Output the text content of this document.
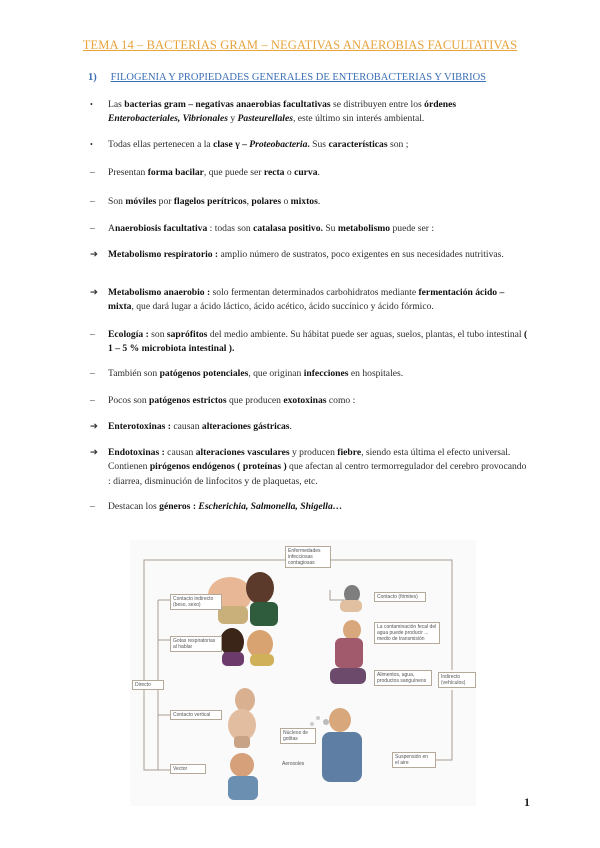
TEMA 14 – BACTERIAS GRAM – NEGATIVAS ANAEROBIAS FACULTATIVAS
1) FILOGENIA Y PROPIEDADES GENERALES DE ENTEROBACTERIAS Y VIBRIOS
•	Las bacterias gram – negativas anaerobias facultativas se distribuyen entre los órdenes Enterobacteriales, Vibrionales y Pasteurellales, este último sin interés ambiental.
•	Todas ellas pertenecen a la clase γ – Proteobacteria. Sus características son ;
–	Presentan forma bacilar, que puede ser recta o curva.
–	Son móviles por flagelos perítricos, polares o mixtos.
–	Anaerobiosis facultativa : todas son catalasa positivo. Su metabolismo puede ser :
➔	Metabolismo respiratorio : amplio número de sustratos, poco exigentes en sus necesidades nutritivas.
➔	Metabolismo anaerobio : solo fermentan determinados carbohidratos mediante fermentación ácido – mixta, que dará lugar a ácido láctico, ácido acético, ácido succínico y ácido fórmico.
–	Ecología : son saprófitos del medio ambiente. Su hábitat puede ser aguas, suelos, plantas, el tubo intestinal ( 1 – 5 % microbiota intestinal ).
–	También son patógenos potenciales, que originan infecciones en hospitales.
–	Pocos son patógenos estrictos que producen exotoxinas como :
➔	Enterotoxinas : causan alteraciones gástricas.
➔	Endotoxinas : causan alteraciones vasculares y producen fiebre, siendo esta última el efecto universal. Contienen pirógenos endógenos ( proteínas ) que afectan al centro termorregulador del cerebro provocando : diarrea, disminución de linfocitos y de plaquetas, etc.
–	Destacan los géneros : Escherichia, Salmonella, Shigella…
Enfermedades infecciosas contagiosas
Contacto indirecto (beso, sexo)
Gotas respiratorias al hablar
Contacto vertical
Vector
Directo
Contacto (fómites)
La contaminación fecal del agua puede producir ... medio de transmisión
Alimentos, agua, productos sanguíneos
Indirecto (vehículos)
Núcleos de gotitas
Aerosoles
Suspensión en el aire
1
